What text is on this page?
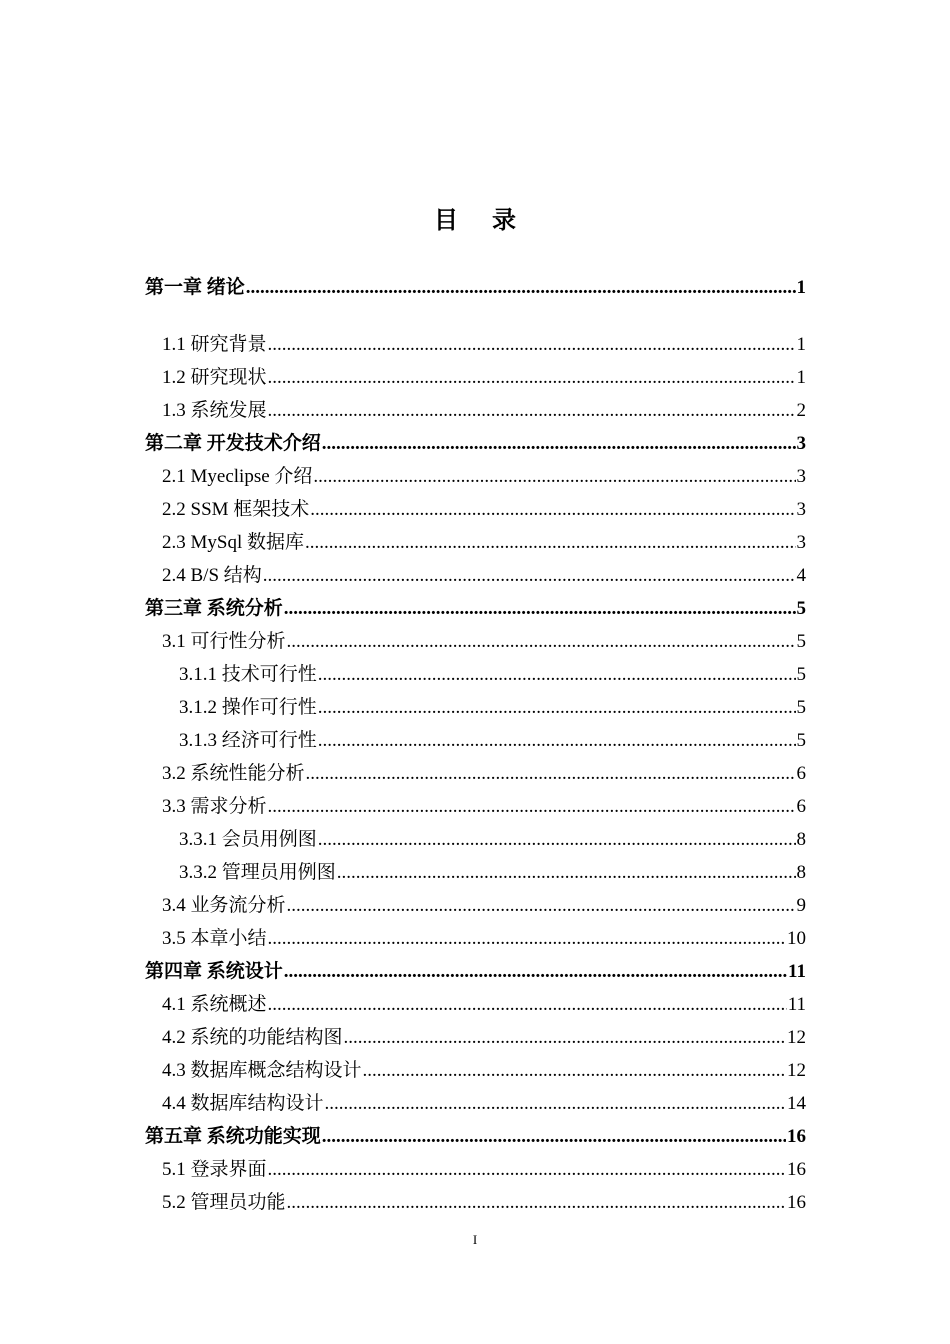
目 录
第一章 绪论 .....	1
1.1 研究背景 .....	1
1.2 研究现状 .....	1
1.3 系统发展 .....	2
第二章 开发技术介绍 .....	3
2.1 Myeclipse 介绍 .....	3
2.2 SSM 框架技术 .....	3
2.3 MySql 数据库 .....	3
2.4 B/S 结构 .....	4
第三章 系统分析 .....	5
3.1 可行性分析 .....	5
3.1.1 技术可行性 .....	5
3.1.2 操作可行性 .....	5
3.1.3 经济可行性 .....	5
3.2 系统性能分析 .....	6
3.3 需求分析 .....	6
3.3.1 会员用例图 .....	8
3.3.2 管理员用例图 .....	8
3.4 业务流分析 .....	9
3.5 本章小结 .....	10
第四章 系统设计 .....	11
4.1 系统概述 .....	11
4.2 系统的功能结构图 .....	12
4.3 数据库概念结构设计 .....	12
4.4 数据库结构设计 .....	14
第五章 系统功能实现 .....	16
5.1 登录界面 .....	16
5.2 管理员功能 .....	16
I
